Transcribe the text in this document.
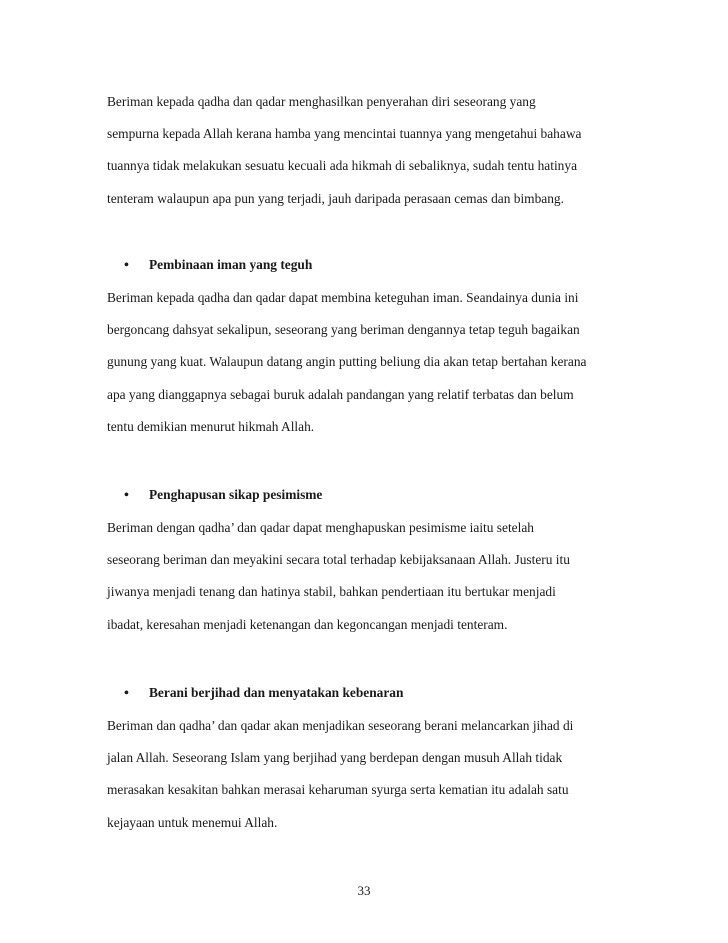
Beriman kepada qadha dan qadar menghasilkan penyerahan diri seseorang yang
sempurna kepada Allah kerana hamba yang mencintai tuannya yang mengetahui bahawa
tuannya tidak melakukan sesuatu kecuali ada hikmah di sebaliknya, sudah tentu hatinya
tenteram walaupun apa pun yang terjadi, jauh daripada perasaan cemas dan bimbang.
• Pembinaan iman yang teguh
Beriman kepada qadha dan qadar dapat membina keteguhan iman. Seandainya dunia ini
bergoncang dahsyat sekalipun, seseorang yang beriman dengannya tetap teguh bagaikan
gunung yang kuat. Walaupun datang angin putting beliung dia akan tetap bertahan kerana
apa yang dianggapnya sebagai buruk adalah pandangan yang relatif terbatas dan belum
tentu demikian menurut hikmah Allah.
• Penghapusan sikap pesimisme
Beriman dengan qadha’ dan qadar dapat menghapuskan pesimisme iaitu setelah
seseorang beriman dan meyakini secara total terhadap kebijaksanaan Allah. Justeru itu
jiwanya menjadi tenang dan hatinya stabil, bahkan pendertiaan itu bertukar menjadi
ibadat, keresahan menjadi ketenangan dan kegoncangan menjadi tenteram.
• Berani berjihad dan menyatakan kebenaran
Beriman dan qadha’ dan qadar akan menjadikan seseorang berani melancarkan jihad di
jalan Allah. Seseorang Islam yang berjihad yang berdepan dengan musuh Allah tidak
merasakan kesakitan bahkan merasai keharuman syurga serta kematian itu adalah satu
kejayaan untuk menemui Allah.
33
